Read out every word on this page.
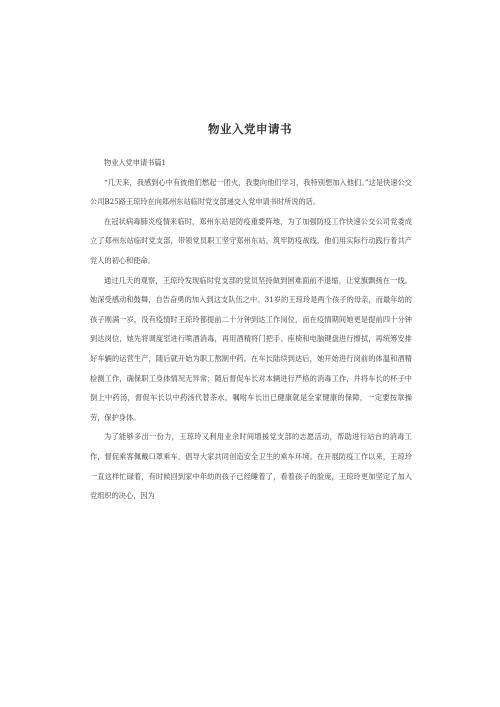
物业入党申请书

物业入党申请书篇1

“几天来，我感到心中有彼他们燃起一团火，我要向他们学习，我特别想加入他们。”这是快速公交公司B25路王琼玲在向郑州东站临时党支部递交入党申请书时所说的话。

在冠状病毒肺炎疫情来临时，郑州东站是防疫重要阵地，为了加强防疫工作快速公交公司党委成立了郑州东站临时党支部，带领党员职工坚守郑州东站，筑牢防疫战线，他们用实际行动践行着共产党人的初心和使命。

通过几天的观察，王琼玲发现临时党支部的党员坚持做到困难面前不退缩，让党旗飘扬在一线。她深受感动和鼓舞，自告奋勇的加入到这支队伍之中。31岁的王琼玲是两个孩子的母亲，而最年幼的孩子刚满一岁，没有疫情时王琼玲都提前二十分钟到达工作岗位，而在疫情期间她更是提前四十分钟到达岗位，她先将调度室进行喷酒消毒，再用酒精将门把手、座椅和电脑键盘进行擦拭，再统筹安排好车辆的运营生产，随后就开始为职工熬制中药。在车长陆续到达后，她开始进行岗前的体温和酒精检测工作，确保职工身体情况无异常；随后督促车长对本辆进行严格的消毒工作，并将车长的杯子中倒上中药汤，督促车长以中药汤代替茶水，嘱咐车长出已健康就是全家健康的保障，一定要按章操劳，保护身体。

为了能够多出一份力，王琼玲又利用业余时间增援党支部的志愿活动，帮助进行站台的消毒工作，督促乘客佩戴口罩乘车，倡导大家共同创造安全卫生的乘车环境。在开展防疫工作以来，王琼玲一直这样忙碌着，有时候回到家中年幼的孩子已经睡着了，看着孩子的脸庞，王琼玲更加坚定了加入党组织的决心，因为
